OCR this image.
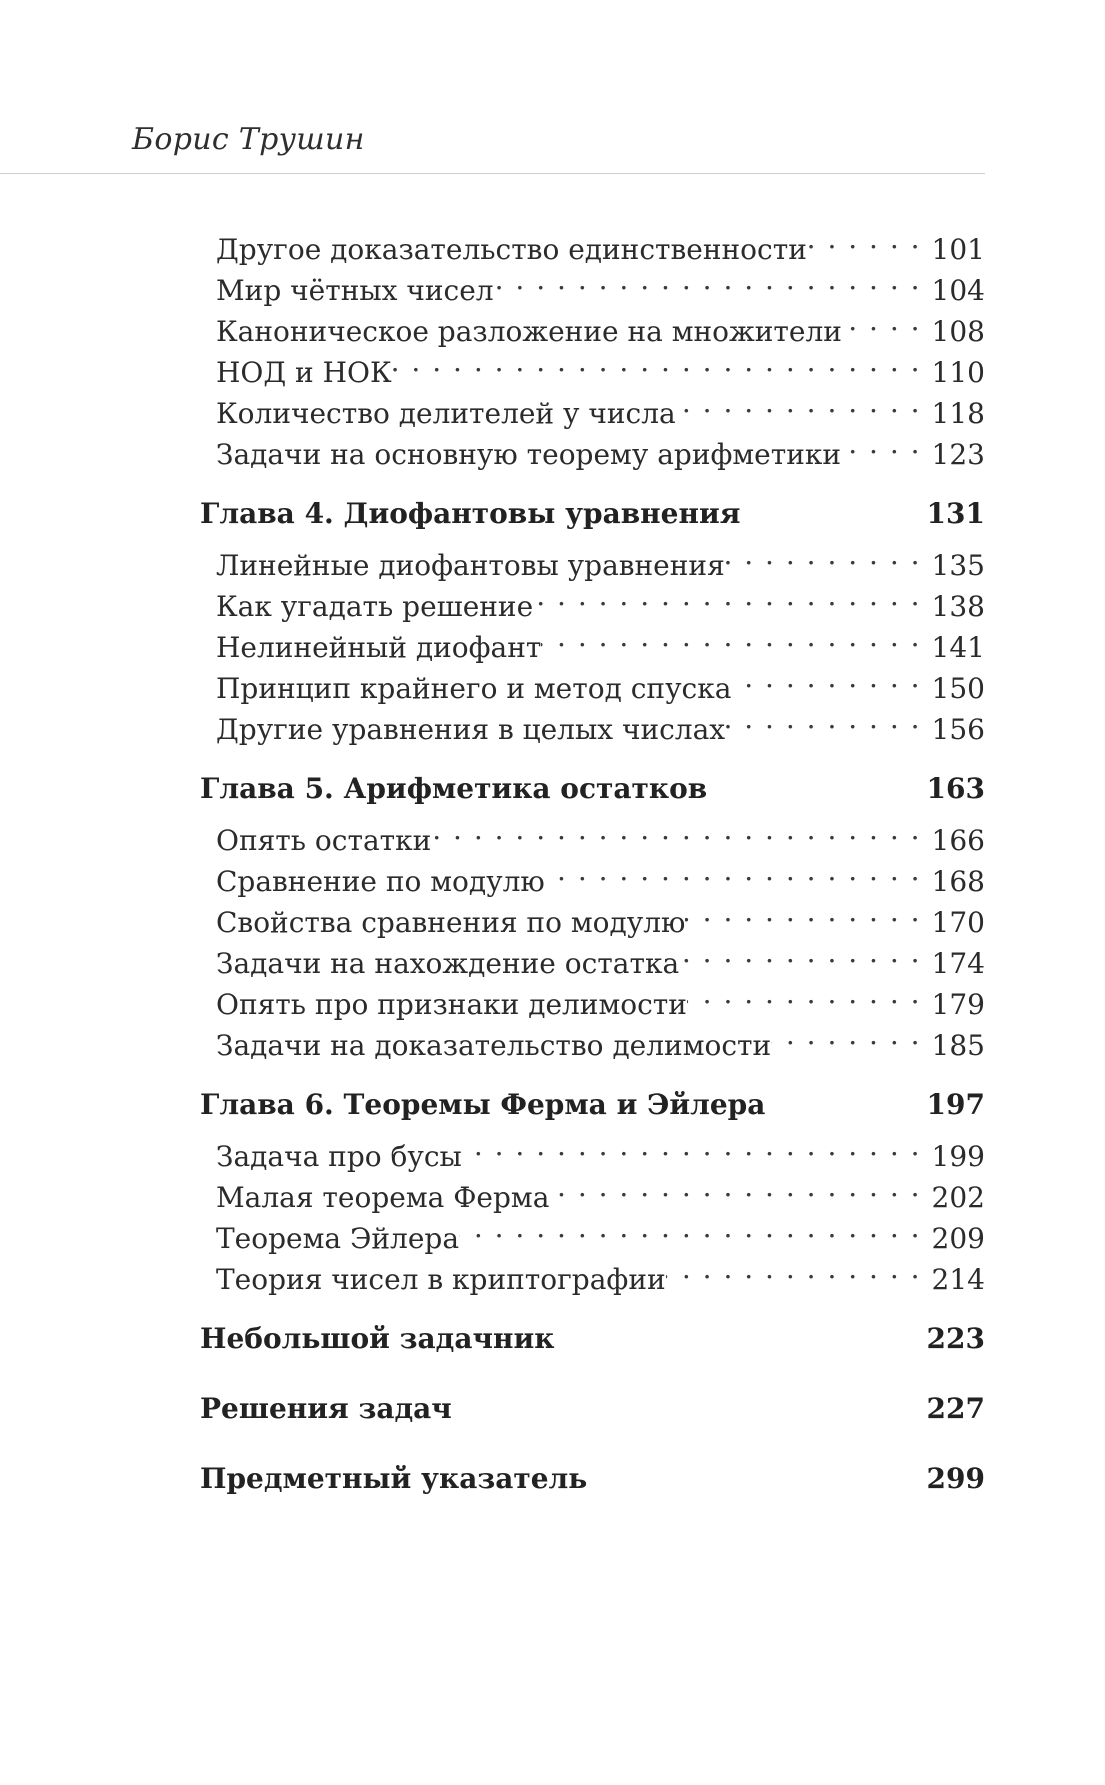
Борис Трушин
Другое доказательство единственности . . .	101
Мир чётных чисел . . .	104
Каноническое разложение на множители . . .	108
НОД и НОК . . .	110
Количество делителей у числа . . .	118
Задачи на основную теорему арифметики . . .	123
Глава 4. Диофантовы уравнения	131
Линейные диофантовы уравнения . . .	135
Как угадать решение . . .	138
Нелинейный диофант . . .	141
Принцип крайнего и метод спуска . . .	150
Другие уравнения в целых числах . . .	156
Глава 5. Арифметика остатков	163
Опять остатки . . .	166
Сравнение по модулю . . .	168
Свойства сравнения по модулю . . .	170
Задачи на нахождение остатка . . .	174
Опять про признаки делимости . . .	179
Задачи на доказательство делимости . . .	185
Глава 6. Теоремы Ферма и Эйлера	197
Задача про бусы . . .	199
Малая теорема Ферма . . .	202
Теорема Эйлера . . .	209
Теория чисел в криптографии . . .	214
Небольшой задачник	223
Решения задач	227
Предметный указатель	299
